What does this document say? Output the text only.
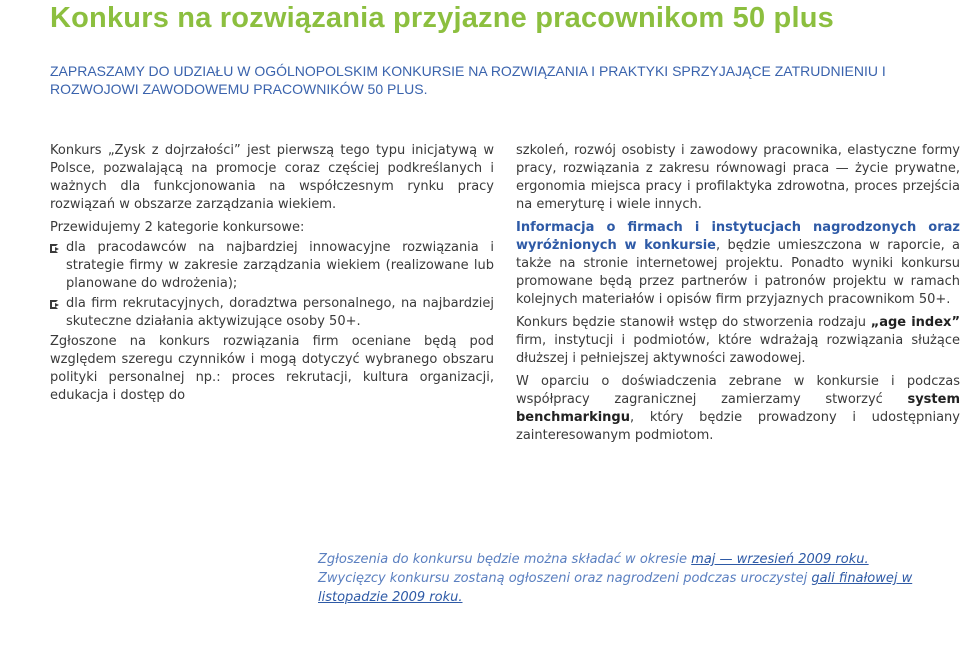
Konkurs na rozwiązania przyjazne pracownikom 50 plus
ZAPRASZAMY DO UDZIAŁU W OGÓLNOPOLSKIM KONKURSIE NA ROZWIĄZANIA I PRAKTYKI SPRZYJAJĄCE ZATRUDNIENIU I ROZWOJOWI ZAWODOWEMU PRACOWNIKÓW 50 PLUS.

Konkurs „Zysk z dojrzałości” jest pierwszą tego typu inicjatywą w Polsce, pozwalającą na promocje coraz częściej podkreślanych i ważnych dla funkcjonowania na współczesnym rynku pracy rozwiązań w obszarze zarządzania wiekiem.

Przewidujemy 2 kategorie konkursowe:

dla pracodawców na najbardziej innowacyjne rozwiązania i strategie firmy w zakresie zarządzania wiekiem (realizowane lub planowane do wdrożenia);
dla firm rekrutacyjnych, doradztwa personalnego, na najbardziej skuteczne działania aktywizujące osoby 50+.

Zgłoszone na konkurs rozwiązania firm oceniane będą pod względem szeregu czynników i mogą dotyczyć wybranego obszaru polityki personalnej np.: proces rekrutacji, kultura organizacji, edukacja i dostęp do

szkoleń, rozwój osobisty i zawodowy pracownika, elastyczne formy pracy, rozwiązania z zakresu równowagi praca — życie prywatne, ergonomia miejsca pracy i profilaktyka zdrowotna, proces przejścia na emeryturę i wiele innych.

Informacja o firmach i instytucjach nagrodzonych oraz wyróżnionych w konkursie, będzie umieszczona w raporcie, a także na stronie internetowej projektu. Ponadto wyniki konkursu promowane będą przez partnerów i patronów projektu w ramach kolejnych materiałów i opisów firm przyjaznych pracownikom 50+.

Konkurs będzie stanowił wstęp do stworzenia rodzaju „age index” firm, instytucji i podmiotów, które wdrażają rozwiązania służące dłuższej i pełniejszej aktywności zawodowej.

W oparciu o doświadczenia zebrane w konkursie i podczas współpracy zagranicznej zamierzamy stworzyć system benchmarkingu, który będzie prowadzony i udostępniany zainteresowanym podmiotom.

Zgłoszenia do konkursu będzie można składać w okresie maj — wrzesień 2009 roku.
Zwycięzcy konkursu zostaną ogłoszeni oraz nagrodzeni podczas uroczystej gali finałowej w listopadzie 2009 roku.
